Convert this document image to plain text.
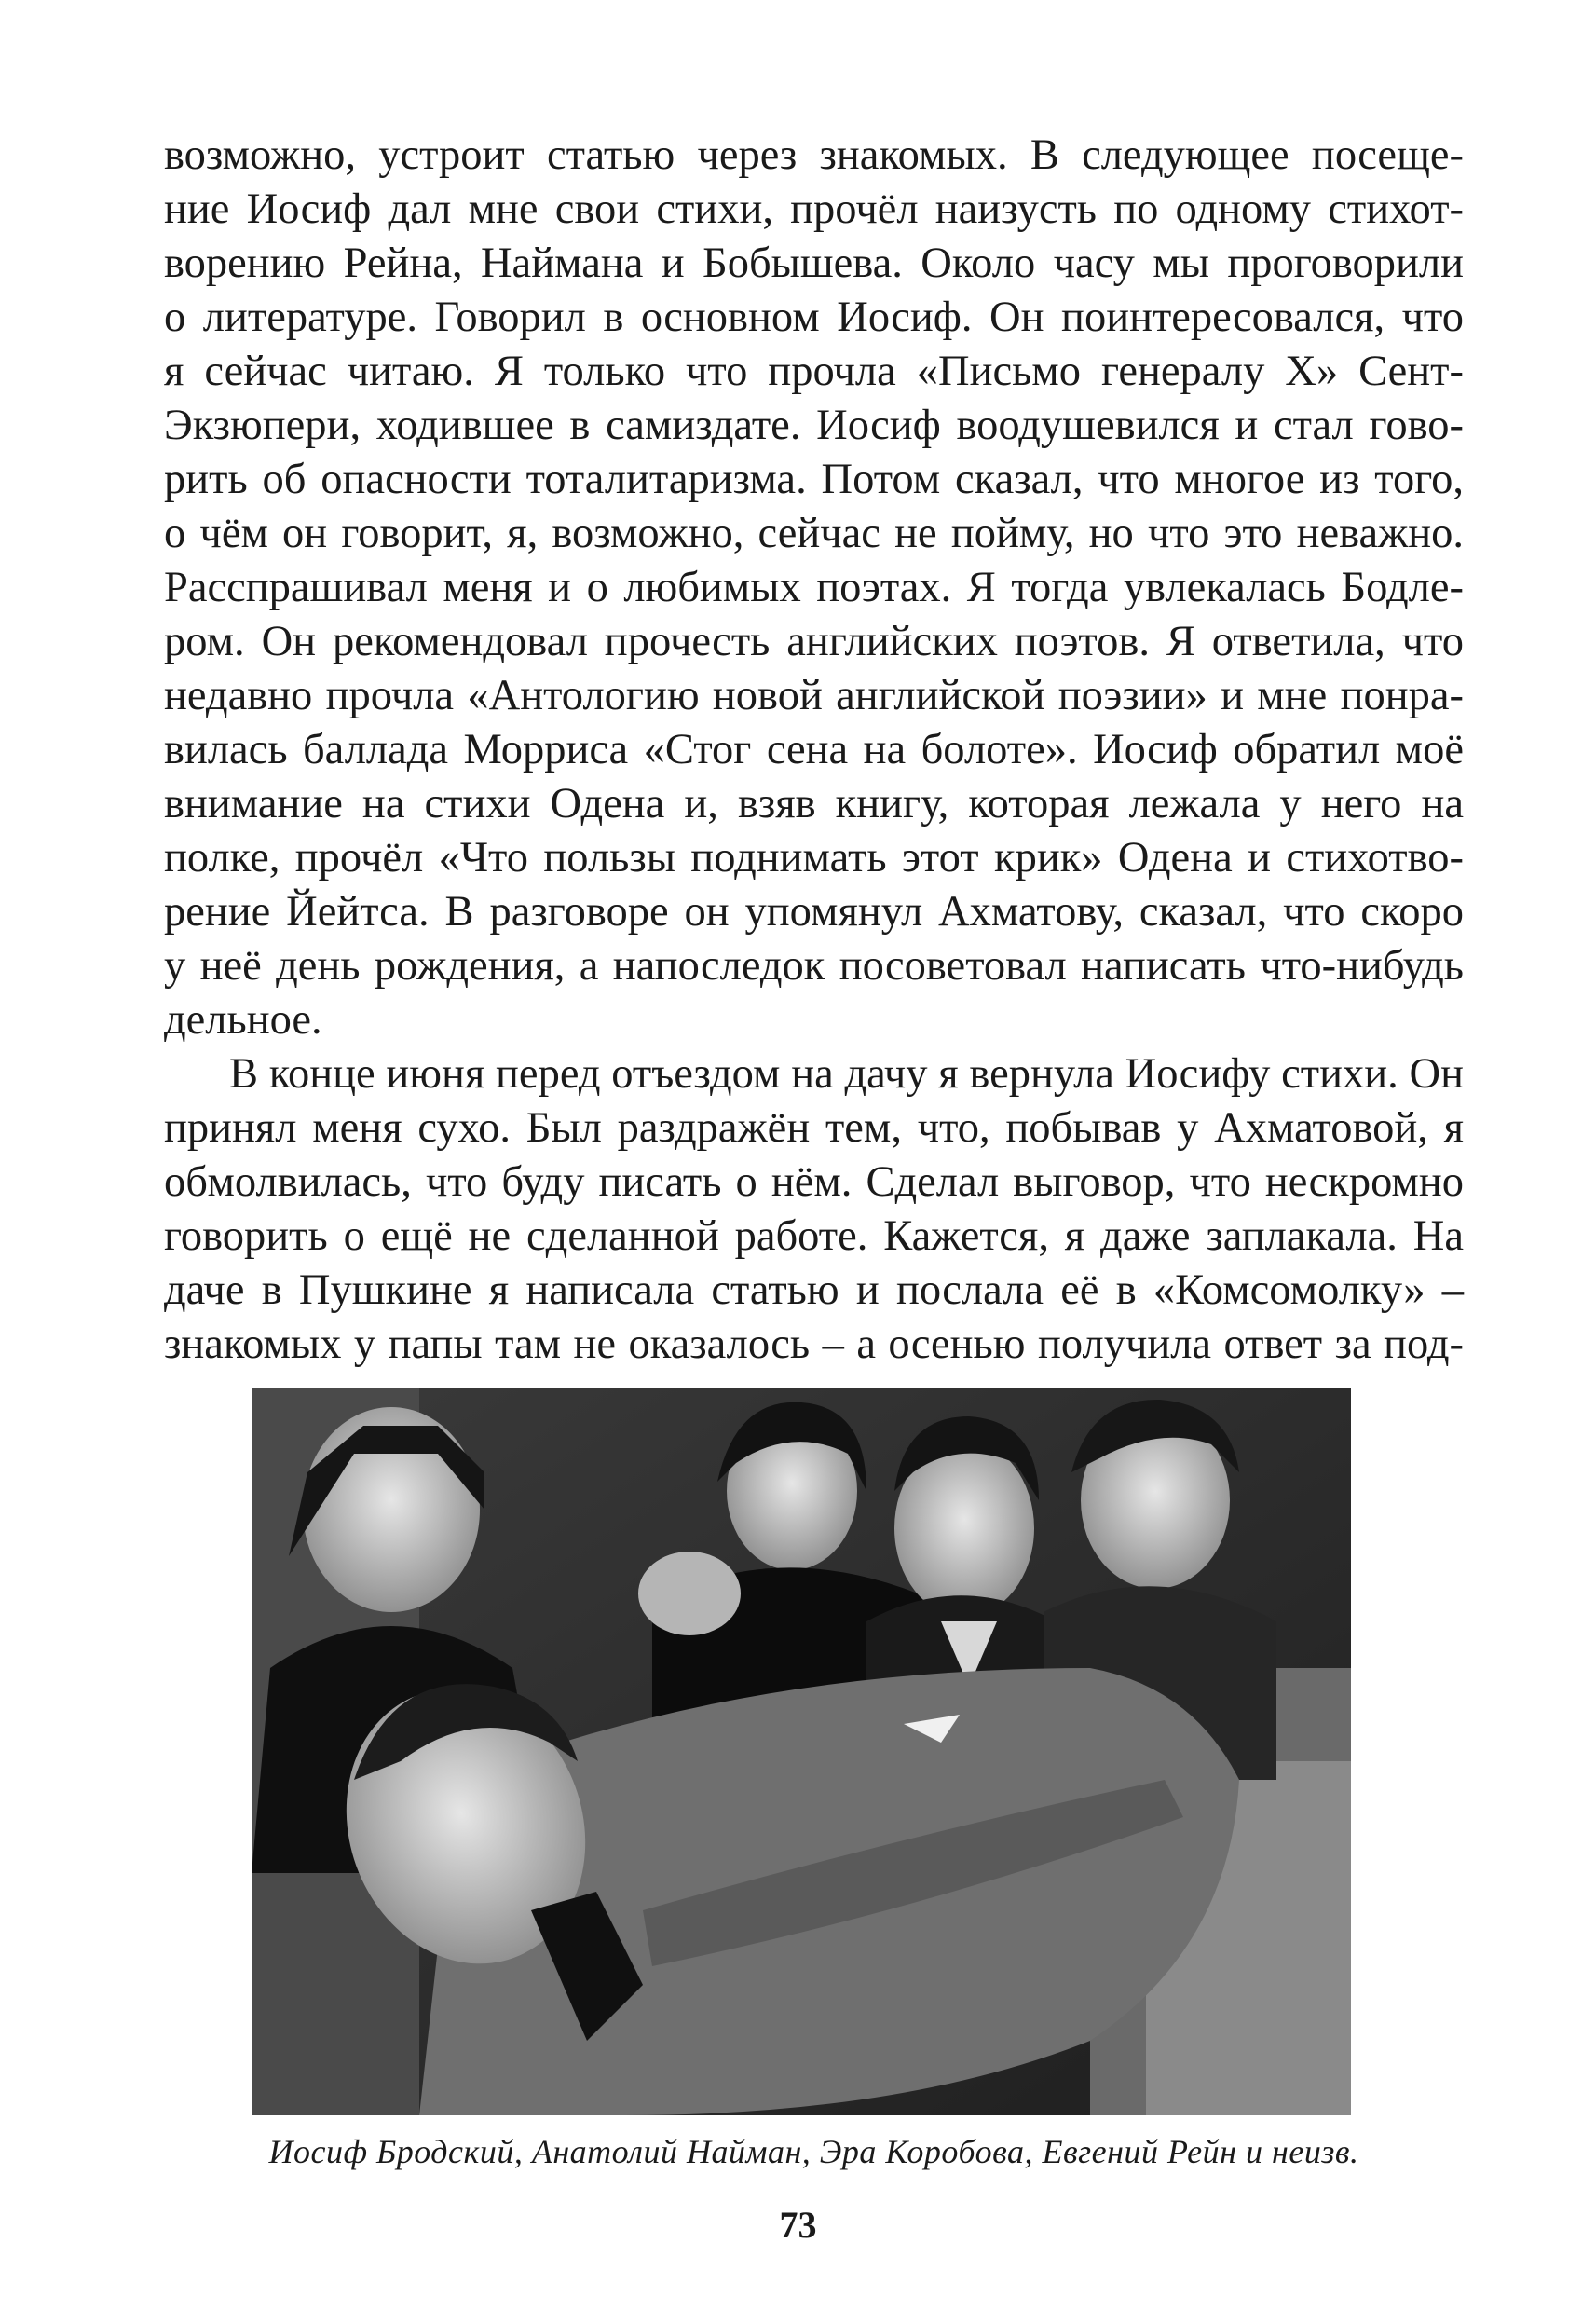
возможно, устроит статью через знакомых. В следующее посеще-
ние Иосиф дал мне свои стихи, прочёл наизусть по одному стихот-
ворению Рейна, Наймана и Бобышева. Около часу мы проговорили
о литературе. Говорил в основном Иосиф. Он поинтересовался, что
я сейчас читаю. Я только что прочла «Письмо генералу Х» Сент-
Экзюпери, ходившее в самиздате. Иосиф воодушевился и стал гово-
рить об опасности тоталитаризма. Потом сказал, что многое из того,
о чём он говорит, я, возможно, сейчас не пойму, но что это неважно.
Расспрашивал меня и о любимых поэтах. Я тогда увлекалась Бодле-
ром. Он рекомендовал прочесть английских поэтов. Я ответила, что
недавно прочла «Антологию новой английской поэзии» и мне понра-
вилась баллада Морриса «Стог сена на болоте». Иосиф обратил моё
внимание на стихи Одена и, взяв книгу, которая лежала у него на
полке, прочёл «Что пользы поднимать этот крик» Одена и стихотво-
рение Йейтса. В разговоре он упомянул Ахматову, сказал, что скоро
у неё день рождения, а напоследок посоветовал написать что-нибудь
дельное.
В конце июня перед отъездом на дачу я вернула Иосифу стихи. Он
принял меня сухо. Был раздражён тем, что, побывав у Ахматовой, я
обмолвилась, что буду писать о нём. Сделал выговор, что нескромно
говорить о ещё не сделанной работе. Кажется, я даже заплакала. На
даче в Пушкине я написала статью и послала её в «Комсомолку» –
знакомых у папы там не оказалось – а осенью получила ответ за под-
Иосиф Бродский, Анатолий Найман, Эра Коробова, Евгений Рейн и неизв.
73
